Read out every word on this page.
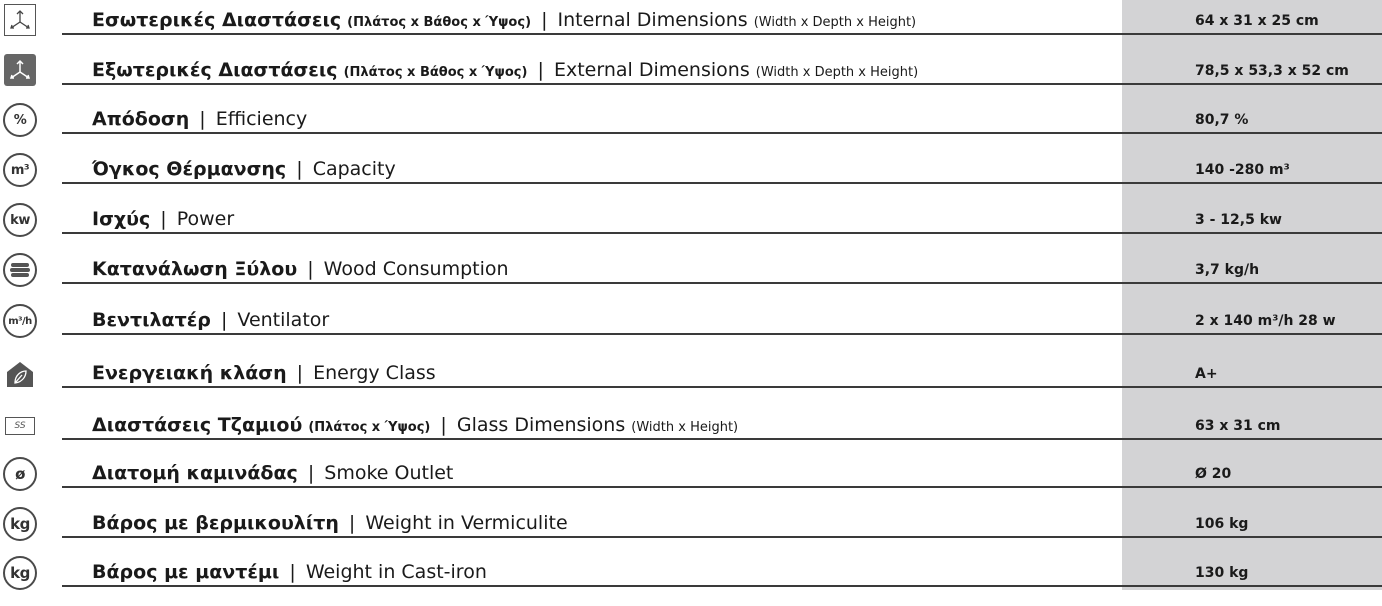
Εσωτερικές Διαστάσεις (Πλάτος x Βάθος x Ύψος) | Internal Dimensions (Width x Depth x Height)	64 x 31 x 25 cm
Εξωτερικές Διαστάσεις (Πλάτος x Βάθος x Ύψος) | External Dimensions (Width x Depth x Height)	78,5 x 53,3 x 52 cm
%	Απόδοση | Efficiency	80,7 %
m³	Όγκος Θέρμανσης | Capacity	140 -280 m³
kw	Ισχύς | Power	3 - 12,5 kw
Κατανάλωση Ξύλου | Wood Consumption	3,7 kg/h
m³/h	Βεντιλατέρ | Ventilator	2 x 140 m³/h 28 w
Ενεργειακή κλάση | Energy Class	A+
SS	Διαστάσεις Τζαμιού (Πλάτος x Ύψος) | Glass Dimensions (Width x Height)	63 x 31 cm
ø	Διατομή καμινάδας | Smoke Outlet	Ø 20
kg	Βάρος με βερμικουλίτη | Weight in Vermiculite	106 kg
kg	Βάρος με μαντέμι | Weight in Cast-iron	130 kg
